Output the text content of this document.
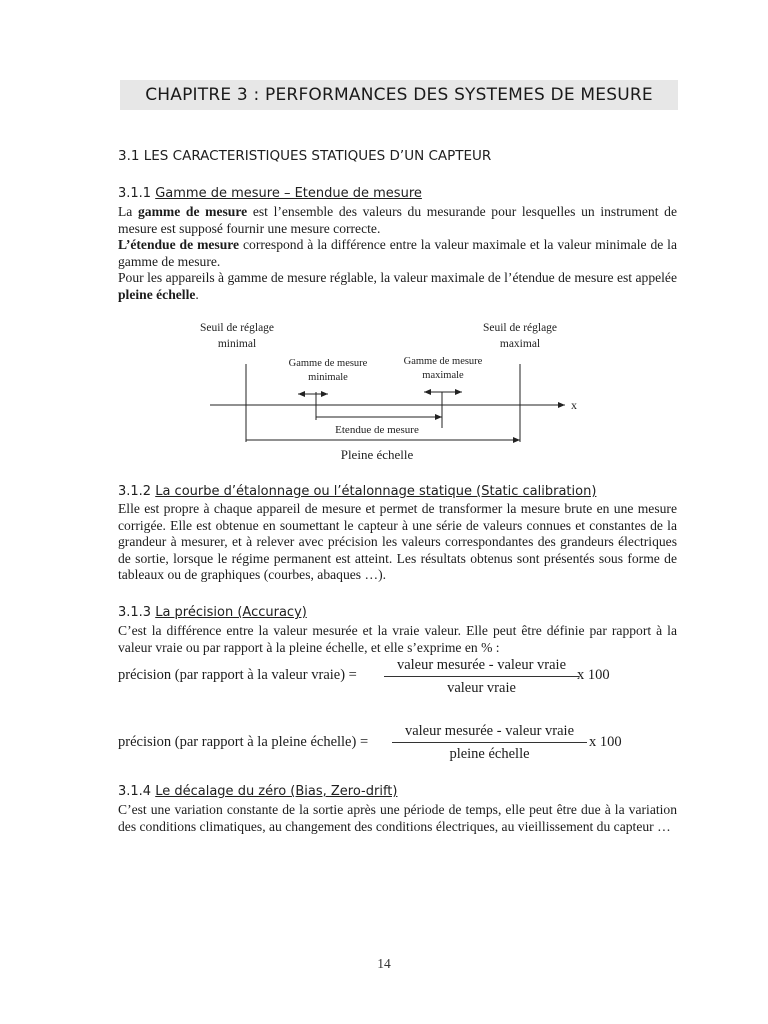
CHAPITRE 3 : PERFORMANCES DES SYSTEMES DE MESURE
3.1 LES CARACTERISTIQUES STATIQUES D’UN CAPTEUR
3.1.1 Gamme de mesure – Etendue de mesure

La gamme de mesure est l’ensemble des valeurs du mesurande pour lesquelles un instrument de mesure est supposé fournir une mesure correcte.

L’étendue de mesure correspond à la différence entre la valeur maximale et la valeur minimale de la gamme de mesure.

Pour les appareils à gamme de mesure réglable, la valeur maximale de l’étendue de mesure est appelée pleine échelle.

Seuil de réglage
minimal
Seuil de réglage
maximal
Gamme de mesure
minimale
Gamme de mesure
maximale
x
Etendue de mesure
Pleine échelle
3.1.2 La courbe d’étalonnage ou l’étalonnage statique (Static calibration)

Elle est propre à chaque appareil de mesure et permet de transformer la mesure brute en une mesure corrigée. Elle est obtenue en soumettant le capteur à une série de valeurs connues et constantes de la grandeur à mesurer, et à relever avec précision les valeurs correspondantes des grandeurs électriques de sortie, lorsque le régime permanent est atteint. Les résultats obtenus sont présentés sous forme de tableaux ou de graphiques (courbes, abaques …).

3.1.3 La précision (Accuracy)

C’est la différence entre la valeur mesurée et la vraie valeur. Elle peut être définie par rapport à la valeur vraie ou par rapport à la pleine échelle, et elle s’exprime en % :

précision (par rapport à la valeur vraie) =
valeur mesurée - valeur vraie
valeur vraie
x 100
précision (par rapport à la pleine échelle) =
valeur mesurée - valeur vraie
pleine échelle
x 100
3.1.4 Le décalage du zéro (Bias, Zero-drift)

C’est une variation constante de la sortie après une période de temps, elle peut être due à la variation des conditions climatiques, au changement des conditions électriques, au vieillissement du capteur …

14
